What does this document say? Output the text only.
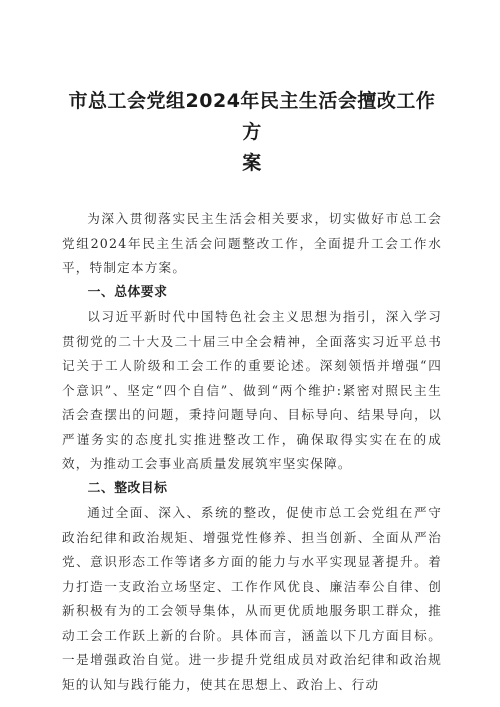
市总工会党组2024年民主生活会擅改工作方
案

为深入贯彻落实民主生活会相关要求，切实做好市总工会党组2024年民主生活会问题整改工作，全面提升工会工作水平，特制定本方案。

一、总体要求

以习近平新时代中国特色社会主义思想为指引，深入学习贯彻党的二十大及二十届三中全会精神，全面落实习近平总书记关于工人阶级和工会工作的重要论述。深刻领悟并增强“四个意识”、坚定“四个自信”、做到“两个维护:紧密对照民主生活会查摆出的问题，秉持问题导向、目标导向、结果导向，以严谨务实的态度扎实推进整改工作，确保取得实实在在的成效，为推动工会事业高质量发展筑牢坚实保障。

二、整改目标

通过全面、深入、系统的整改，促使市总工会党组在严守政治纪律和政治规矩、增强党性修养、担当创新、全面从严治党、意识形态工作等诸多方面的能力与水平实现显著提升。着力打造一支政治立场坚定、工作作风优良、廉洁奉公自律、创新积极有为的工会领导集体，从而更优质地服务职工群众，推动工会工作跃上新的台阶。具体而言，涵盖以下几方面目标。一是增强政治自觉。进一步提升党组成员对政治纪律和政治规矩的认知与践行能力，使其在思想上、政治上、行动
